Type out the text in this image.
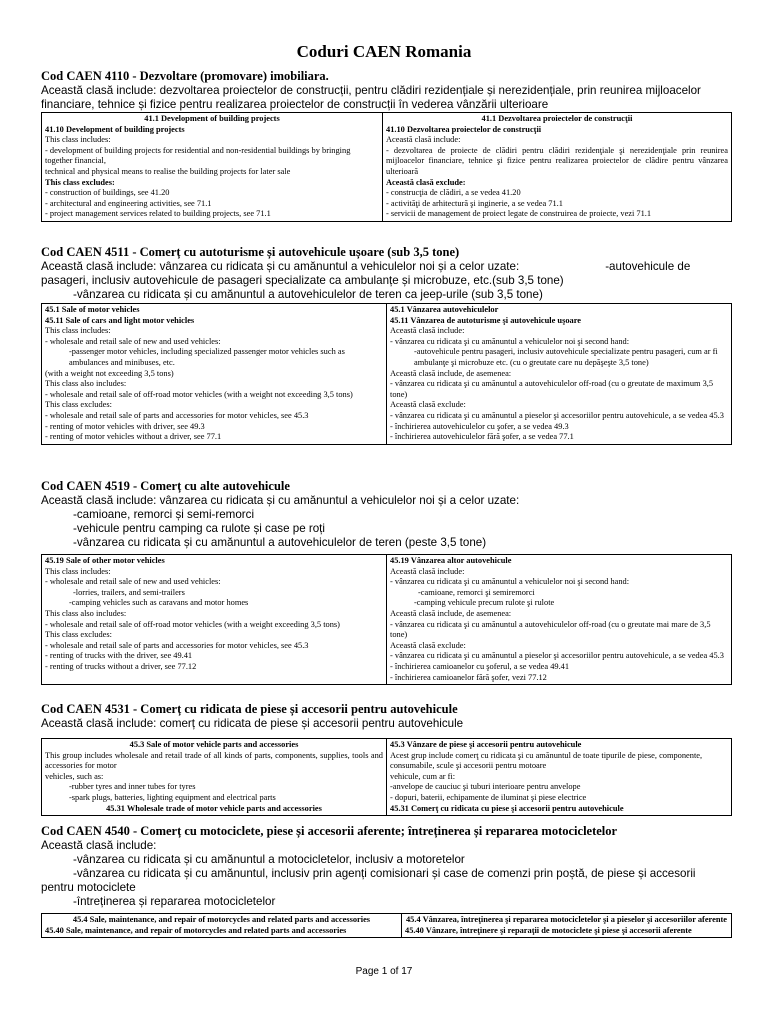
Coduri CAEN Romania
Cod CAEN 4110 - Dezvoltare (promovare) imobiliara.

Această clasă include: dezvoltarea proiectelor de construcții, pentru clădiri rezidențiale și nerezidențiale, prin reunirea mijloacelor

financiare, tehnice și fizice pentru realizarea proiectelor de construcții în vederea vânzării ulterioare

41.1 Development of building projects
41.10 Development of building projects
This class includes:
- development of building projects for residential and non-residential buildings by bringing together financial,
technical and physical means to realise the building projects for later sale
This class excludes:
- construction of buildings, see 41.20
- architectural and engineering activities, see 71.1
- project management services related to building projects, see 71.1

41.1 Dezvoltarea proiectelor de construcţii
41.10 Dezvoltarea proiectelor de construcţii
Această clasă include:
- dezvoltarea de proiecte de clădiri pentru clădiri rezidenţiale şi nerezidenţiale prin reunirea mijloacelor financiare, tehnice şi fizice pentru realizarea proiectelor de clădire pentru vânzarea ulterioară
Această clasă exclude:
- construcţia de clădiri, a se vedea 41.20
- activităţi de arhitectură şi inginerie, a se vedea 71.1
- servicii de management de proiect legate de construirea de proiecte, vezi 71.1
Cod CAEN 4511 - Comerț cu autoturisme și autovehicule ușoare (sub 3,5 tone)

Această clasă include: vânzarea cu ridicata și cu amănuntul a vehiculelor noi și a celor uzate:	-autovehicule de

pasageri, inclusiv autovehicule de pasageri specializate ca ambulanțe și microbuze, etc.(sub 3,5 tone)

-vânzarea cu ridicata și cu amănuntul a autovehiculelor de teren ca jeep-urile (sub 3,5 tone)

45.1 Sale of motor vehicles
45.11 Sale of cars and light motor vehicles
This class includes:
- wholesale and retail sale of new and used vehicles:
-passenger motor vehicles, including specialized passenger motor vehicles such as ambulances and minibuses, etc.
(with a weight not exceeding 3,5 tons)
This class also includes:
- wholesale and retail sale of off-road motor vehicles (with a weight not exceeding 3,5 tons)
This class excludes:
- wholesale and retail sale of parts and accessories for motor vehicles, see 45.3
- renting of motor vehicles with driver, see 49.3
- renting of motor vehicles without a driver, see 77.1

45.1 Vânzarea autovehiculelor
45.11 Vânzarea de autoturisme şi autovehicule uşoare
Această clasă include:
- vânzarea cu ridicata şi cu amănuntul a vehiculelor noi şi second hand:
-autovehicule pentru pasageri, inclusiv autovehicule specializate pentru pasageri, cum ar fi ambulanţe şi microbuze etc. (cu o greutate care nu depăşeşte 3,5 tone)
Această clasă include, de asemenea:
- vânzarea cu ridicata şi cu amănuntul a autovehiculelor off-road (cu o greutate de maximum 3,5 tone)
Această clasă exclude:
- vânzarea cu ridicata şi cu amănuntul a pieselor şi accesoriilor pentru autovehicule, a se vedea 45.3
- închirierea autovehiculelor cu şofer, a se vedea 49.3
- închirierea autovehiculelor fără şofer, a se vedea 77.1
Cod CAEN 4519 - Comerț cu alte autovehicule

Această clasă include: vânzarea cu ridicata și cu amănuntul a vehiculelor noi și a celor uzate:

-camioane, remorci și semi-remorci

-vehicule pentru camping ca rulote și case pe roți

-vânzarea cu ridicata și cu amănuntul a autovehiculelor de teren (peste 3,5 tone)

45.19 Sale of other motor vehicles
This class includes:
- wholesale and retail sale of new and used vehicles:
-lorries, trailers, and semi-trailers
-camping vehicles such as caravans and motor homes
This class also includes:
- wholesale and retail sale of off-road motor vehicles (with a weight exceeding 3,5 tons)
This class excludes:
- wholesale and retail sale of parts and accessories for motor vehicles, see 45.3
- renting of trucks with the driver, see 49.41
- renting of trucks without a driver, see 77.12

45.19 Vânzarea altor autovehicule
Această clasă include:
- vânzarea cu ridicata şi cu amănuntul a vehiculelor noi şi second hand:
-camioane, remorci şi semiremorci
-camping vehicule precum rulote şi rulote
Această clasă include, de asemenea:
- vânzarea cu ridicata şi cu amănuntul a autovehiculelor off-road (cu o greutate mai mare de 3,5 tone)
Această clasă exclude:
- vânzarea cu ridicata şi cu amănuntul a pieselor şi accesoriilor pentru autovehicule, a se vedea 45.3
- închirierea camioanelor cu şoferul, a se vedea 49.41
- închirierea camioanelor fără şofer, vezi 77.12
Cod CAEN 4531 - Comerț cu ridicata de piese și accesorii pentru autovehicule

Această clasă include: comerț cu ridicata de piese și accesorii pentru autovehicule

45.3 Sale of motor vehicle parts and accessories
This group includes wholesale and retail trade of all kinds of parts, components, supplies, tools and accessories for motor
vehicles, such as:
-rubber tyres and inner tubes for tyres
-spark plugs, batteries, lighting equipment and electrical parts
45.31 Wholesale trade of motor vehicle parts and accessories

45.3 Vânzare de piese şi accesorii pentru autovehicule
Acest grup include comerţ cu ridicata şi cu amănuntul de toate tipurile de piese, componente, consumabile, scule şi accesorii pentru motoare
vehicule, cum ar fi:
-anvelope de cauciuc şi tuburi interioare pentru anvelope
- dopuri, baterii, echipamente de iluminat şi piese electrice
45.31 Comerţ cu ridicata cu piese şi accesorii pentru autovehicule
Cod CAEN 4540 - Comerț cu motociclete, piese și accesorii aferente; întreținerea și repararea motocicletelor

Această clasă include:

-vânzarea cu ridicata și cu amănuntul a motocicletelor, inclusiv a motoretelor

-vânzarea cu ridicata și cu amănuntul, inclusiv prin agenți comisionari și case de comenzi prin poștă, de piese și accesorii

pentru motociclete

-întreținerea și repararea motocicletelor

45.4 Sale, maintenance, and repair of motorcycles and related parts and accessories
45.40 Sale, maintenance, and repair of motorcycles and related parts and accessories

45.4 Vânzarea, întreţinerea şi repararea motocicletelor şi a pieselor şi accesoriilor aferente
45.40 Vânzare, întreţinere şi reparaţii de motociclete şi piese şi accesorii aferente
Page 1 of 17
